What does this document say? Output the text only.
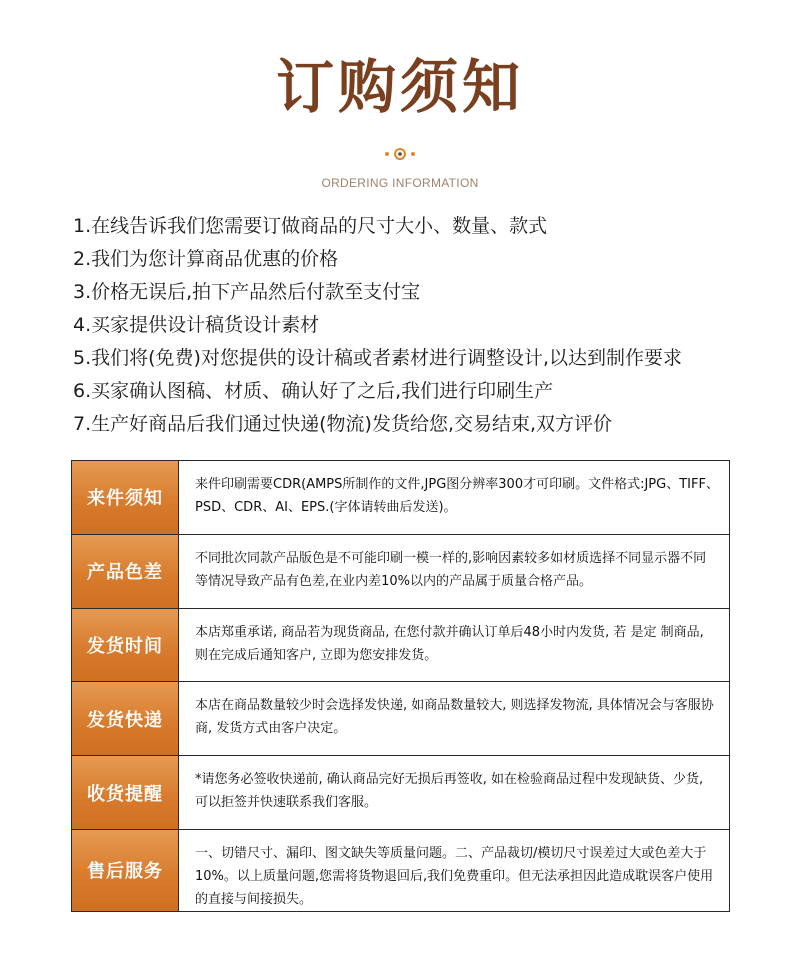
订购须知
ORDERING INFORMATION
1.在线告诉我们您需要订做商品的尺寸大小、数量、款式
2.我们为您计算商品优惠的价格
3.价格无误后,拍下产品然后付款至支付宝
4.买家提供设计稿货设计素材
5.我们将(免费)对您提供的设计稿或者素材进行调整设计,以达到制作要求
6.买家确认图稿、材质、确认好了之后,我们进行印刷生产
7.生产好商品后我们通过快递(物流)发货给您,交易结束,双方评价
来件须知
来件印刷需要CDR(AMPS所制作的文件,JPG图分辨率300才可印刷。文件格式:JPG、TIFF、PSD、CDR、AI、EPS.(字体请转曲后发送)。
产品色差
不同批次同款产品版色是不可能印刷一模一样的,影响因素较多如材质选择不同显示器不同等情况导致产品有色差,在业内差10%以内的产品属于质量合格产品。
发货时间
本店郑重承诺, 商品若为现货商品, 在您付款并确认订单后48小时内发货, 若 是定 制商品, 则在完成后通知客户, 立即为您安排发货。
发货快递
本店在商品数量较少时会选择发快递, 如商品数量较大, 则选择发物流, 具体情况会与客服协商, 发货方式由客户决定。
收货提醒
*请您务必签收快递前, 确认商品完好无损后再签收, 如在检验商品过程中发现缺货、少货, 可以拒签并快速联系我们客服。
售后服务
一、切错尺寸、漏印、图文缺失等质量问题。二、产品裁切/模切尺寸误差过大或色差大于10%。以上质量问题,您需将货物退回后,我们免费重印。但无法承担因此造成耽误客户使用的直接与间接损失。
